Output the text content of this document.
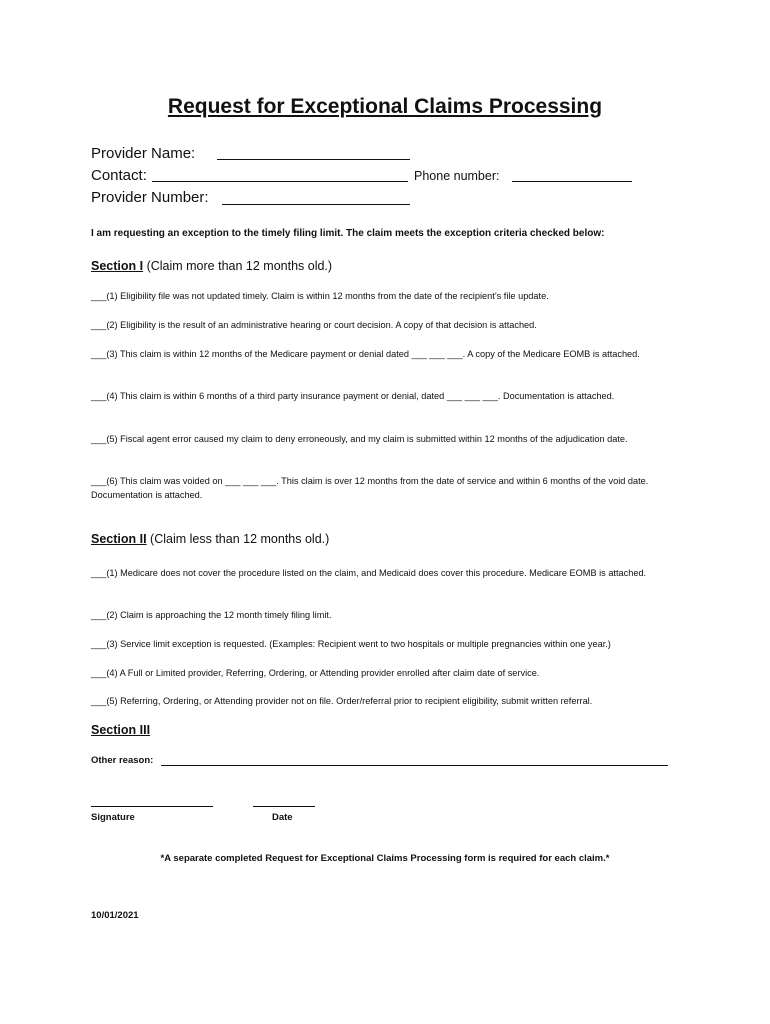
Request for Exceptional Claims Processing
Provider Name:
Contact:	Phone number:
Provider Number:
I am requesting an exception to the timely filing limit. The claim meets the exception criteria checked below:
Section I (Claim more than 12 months old.)
___(1) Eligibility file was not updated timely. Claim is within 12 months from the date of the recipient’s file update.
___(2) Eligibility is the result of an administrative hearing or court decision. A copy of that decision is attached.
___(3) This claim is within 12 months of the Medicare payment or denial dated ___ ___ ___. A copy of the Medicare EOMB is attached.
___(4) This claim is within 6 months of a third party insurance payment or denial, dated ___ ___ ___. Documentation is attached.
___(5) Fiscal agent error caused my claim to deny erroneously, and my claim is submitted within 12 months of the adjudication date.
___(6) This claim was voided on ___ ___ ___. This claim is over 12 months from the date of service and within 6 months of the void date. Documentation is attached.
Section II (Claim less than 12 months old.)
___(1) Medicare does not cover the procedure listed on the claim, and Medicaid does cover this procedure. Medicare EOMB is attached.
___(2) Claim is approaching the 12 month timely filing limit.
___(3) Service limit exception is requested. (Examples: Recipient went to two hospitals or multiple pregnancies within one year.)
___(4) A Full or Limited provider, Referring, Ordering, or Attending provider enrolled after claim date of service.
___(5) Referring, Ordering, or Attending provider not on file. Order/referral prior to recipient eligibility, submit written referral.
Section III
Other reason:
Signature	Date
*A separate completed Request for Exceptional Claims Processing form is required for each claim.*
10/01/2021
